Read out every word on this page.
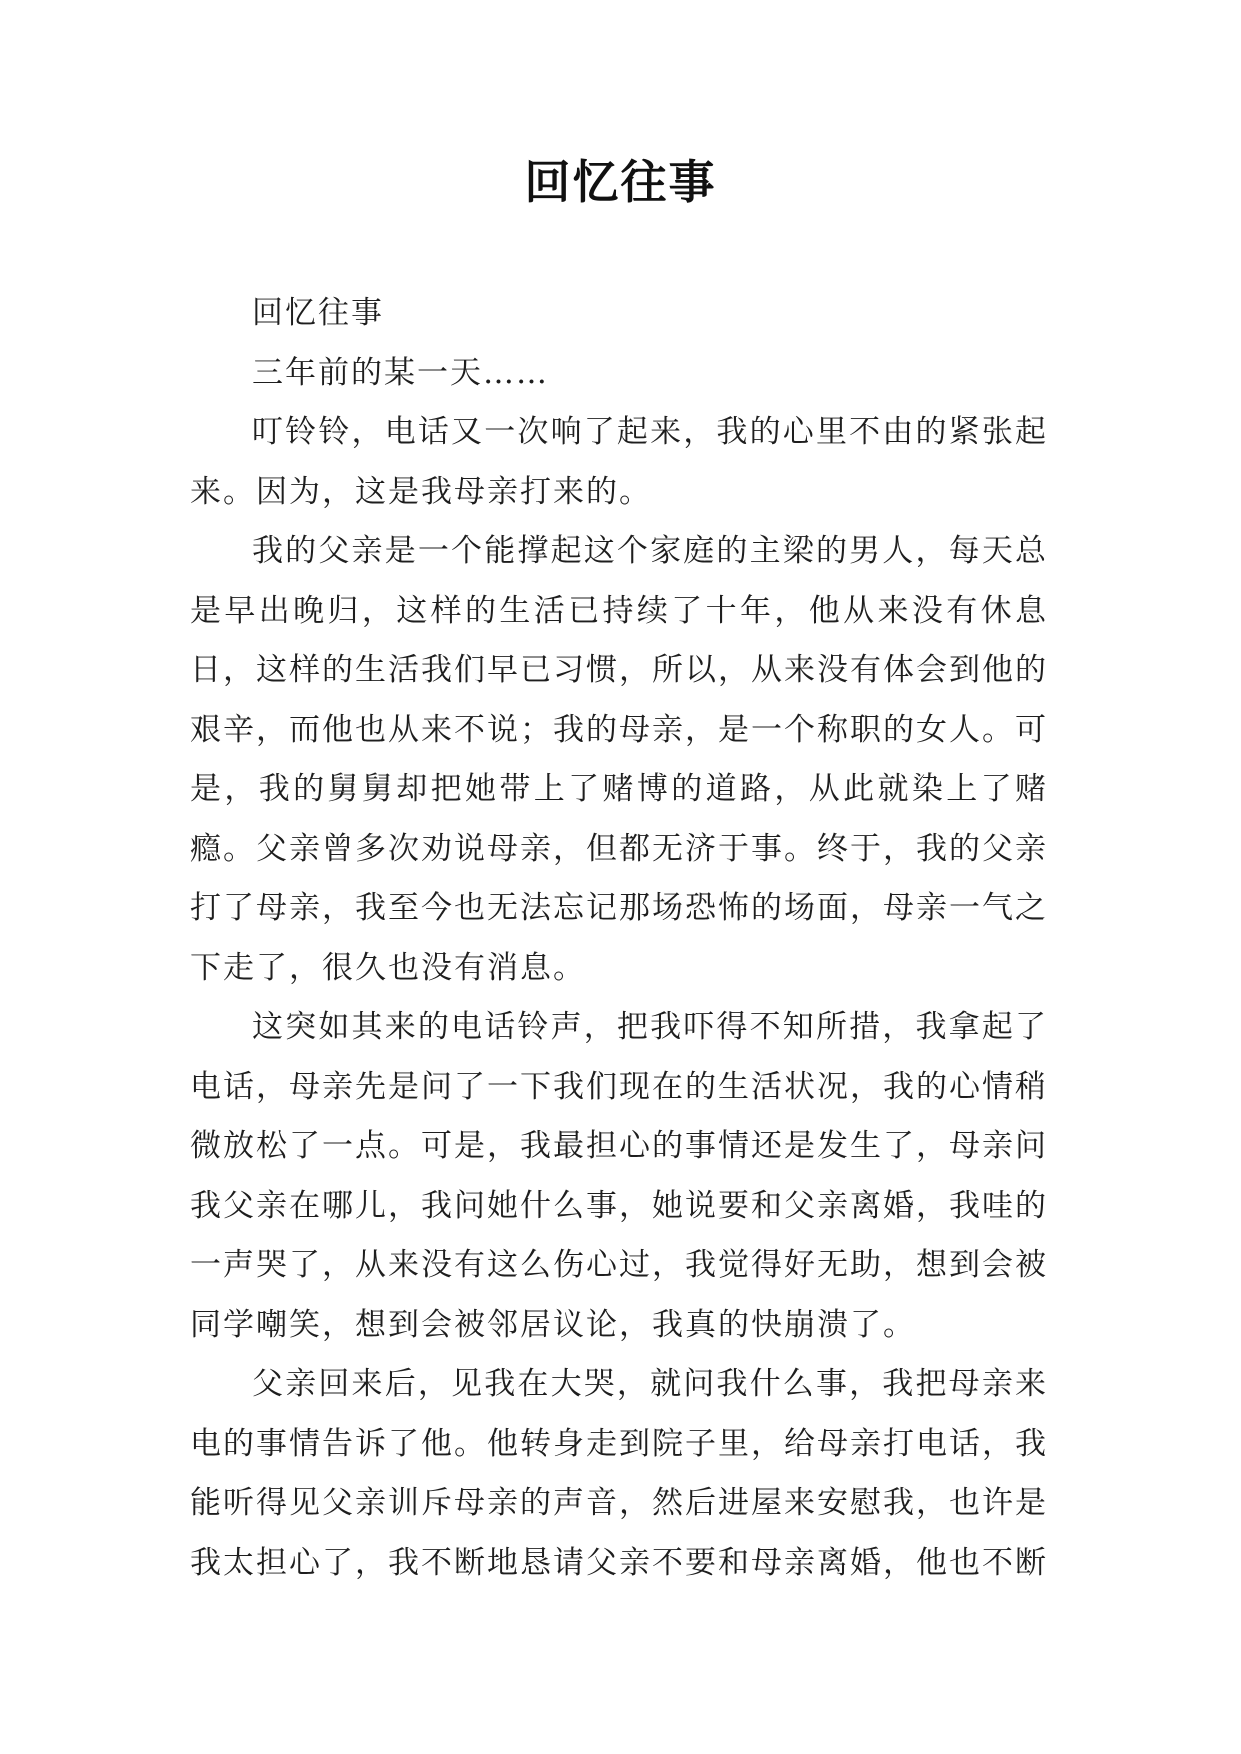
回忆往事

回忆往事

三年前的某一天……

叮铃铃，电话又一次响了起来，我的心里不由的紧张起来。因为，这是我母亲打来的。

我的父亲是一个能撑起这个家庭的主梁的男人，每天总是早出晚归，这样的生活已持续了十年，他从来没有休息日，这样的生活我们早已习惯，所以，从来没有体会到他的艰辛，而他也从来不说；我的母亲，是一个称职的女人。可是，我的舅舅却把她带上了赌博的道路，从此就染上了赌瘾。父亲曾多次劝说母亲，但都无济于事。终于，我的父亲打了母亲，我至今也无法忘记那场恐怖的场面，母亲一气之下走了，很久也没有消息。

这突如其来的电话铃声，把我吓得不知所措，我拿起了电话，母亲先是问了一下我们现在的生活状况，我的心情稍微放松了一点。可是，我最担心的事情还是发生了，母亲问我父亲在哪儿，我问她什么事，她说要和父亲离婚，我哇的一声哭了，从来没有这么伤心过，我觉得好无助，想到会被同学嘲笑，想到会被邻居议论，我真的快崩溃了。

父亲回来后，见我在大哭，就问我什么事，我把母亲来电的事情告诉了他。他转身走到院子里，给母亲打电话，我能听得见父亲训斥母亲的声音，然后进屋来安慰我，也许是我太担心了，我不断地恳请父亲不要和母亲离婚，他也不断
